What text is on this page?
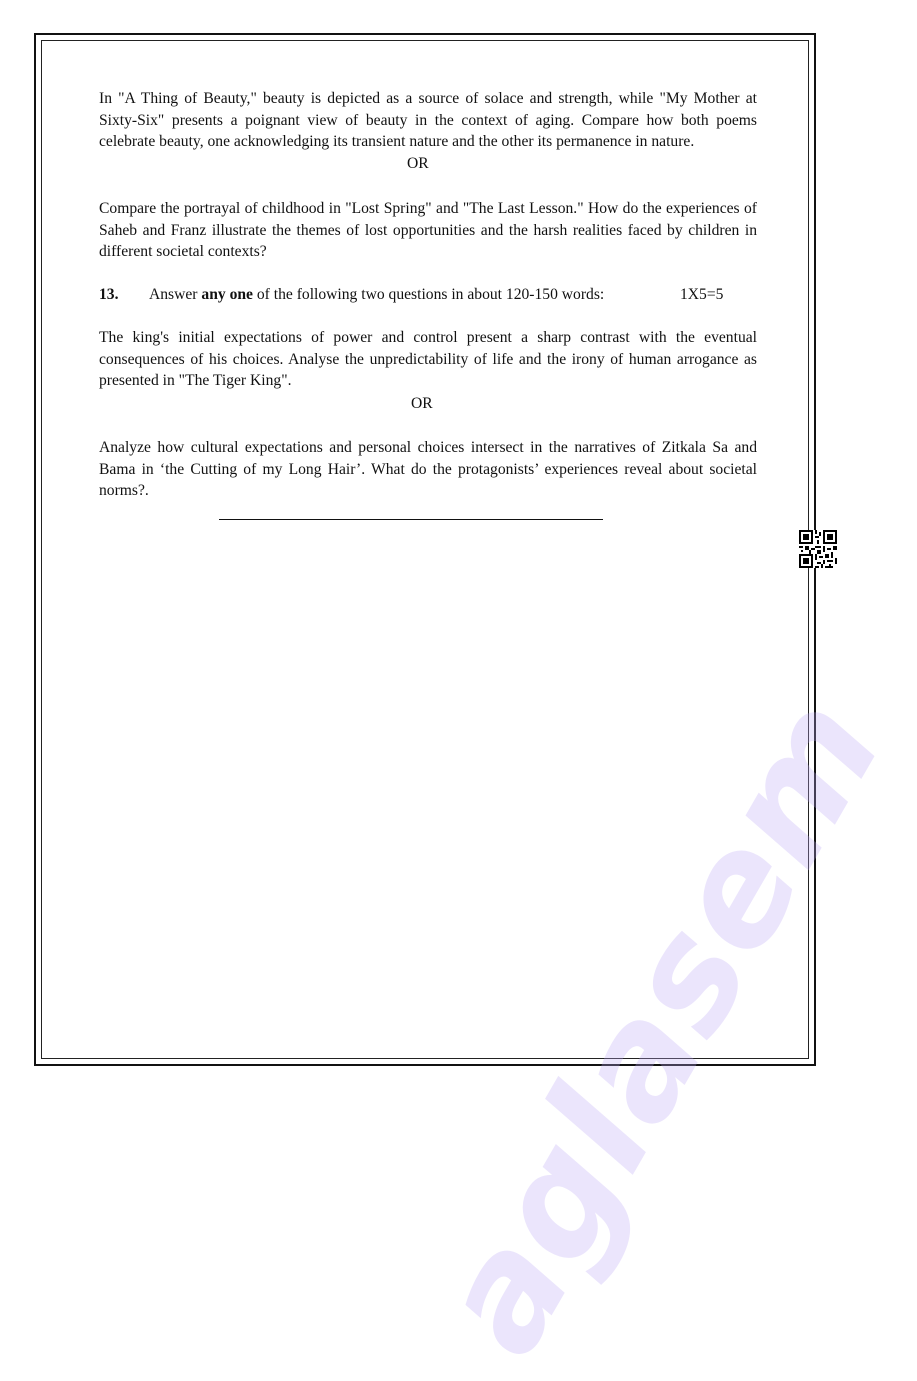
aglasem

In "A Thing of Beauty," beauty is depicted as a source of solace and strength, while "My Mother at Sixty-Six" presents a poignant view of beauty in the context of aging. Compare how both poems celebrate beauty, one acknowledging its transient nature and the other its permanence in nature.

OR

Compare the portrayal of childhood in "Lost Spring" and "The Last Lesson." How do the experiences of Saheb and Franz illustrate the themes of lost opportunities and the harsh realities faced by children in different societal contexts?

13. Answer any one of the following two questions in about 120-150 words:	1X5=5

The king's initial expectations of power and control present a sharp contrast with the eventual consequences of his choices. Analyse the unpredictability of life and the irony of human arrogance as presented in "The Tiger King".

OR

Analyze how cultural expectations and personal choices intersect in the narratives of Zitkala Sa and Bama in ‘the Cutting of my Long Hair’. What do the protagonists’ experiences reveal about societal norms?.
